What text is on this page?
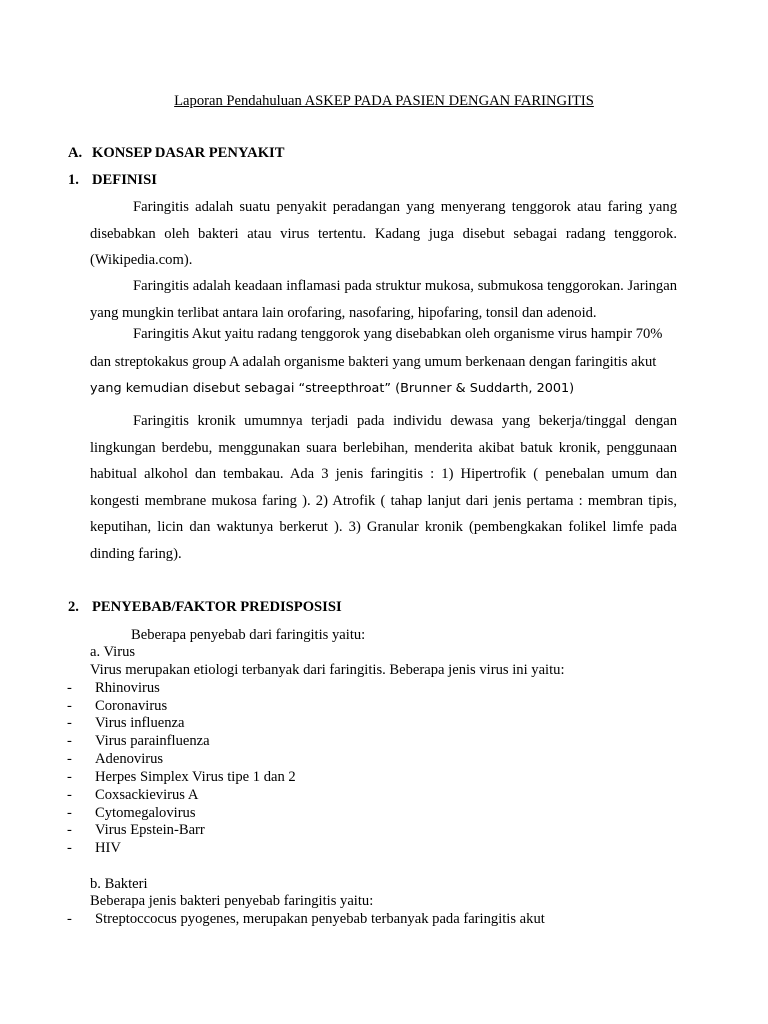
Laporan Pendahuluan ASKEP PADA PASIEN DENGAN FARINGITIS
A. KONSEP DASAR PENYAKIT
1. DEFINISI

Faringitis adalah suatu penyakit peradangan yang menyerang tenggorok atau faring yang disebabkan oleh bakteri atau virus tertentu. Kadang juga disebut sebagai radang tenggorok. (Wikipedia.com).

Faringitis adalah keadaan inflamasi pada struktur mukosa, submukosa tenggorokan. Jaringan yang mungkin terlibat antara lain orofaring, nasofaring, hipofaring, tonsil dan adenoid.

Faringitis Akut yaitu radang tenggorok yang disebabkan oleh organisme virus hampir 70%
dan streptokakus group A adalah organisme bakteri yang umum berkenaan dengan faringitis akut
yang kemudian disebut sebagai “streepthroat” (Brunner & Suddarth, 2001)

Faringitis kronik umumnya terjadi pada individu dewasa yang bekerja/tinggal dengan lingkungan berdebu, menggunakan suara berlebihan, menderita akibat batuk kronik, penggunaan habitual alkohol dan tembakau. Ada 3 jenis faringitis : 1) Hipertrofik ( penebalan umum dan kongesti membrane mukosa faring ). 2) Atrofik ( tahap lanjut dari jenis pertama : membran tipis, keputihan, licin dan waktunya berkerut ). 3) Granular kronik (pembengkakan folikel limfe pada dinding faring).

2. PENYEBAB/FAKTOR PREDISPOSISI
Beberapa penyebab dari faringitis yaitu:
a. Virus
Virus merupakan etiologi terbanyak dari faringitis. Beberapa jenis virus ini yaitu:
- Rhinovirus
- Coronavirus
- Virus influenza
- Virus parainfluenza
- Adenovirus
- Herpes Simplex Virus tipe 1 dan 2
- Coxsackievirus A
- Cytomegalovirus
- Virus Epstein-Barr
- HIV
b. Bakteri
Beberapa jenis bakteri penyebab faringitis yaitu:
- Streptoccocus pyogenes, merupakan penyebab terbanyak pada faringitis akut
